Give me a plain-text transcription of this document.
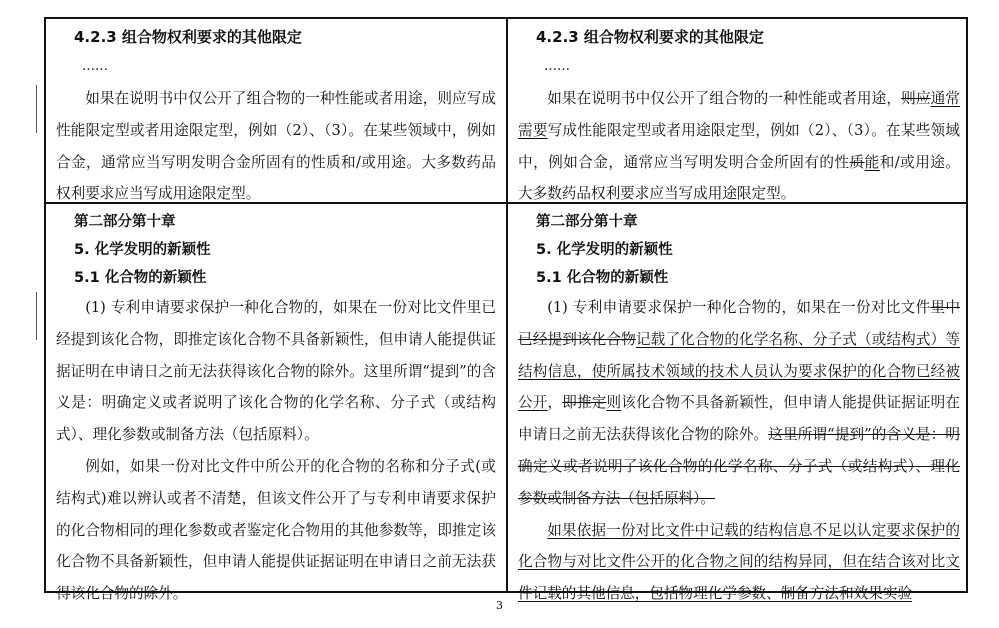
4.2.3 组合物权利要求的其他限定

……

如果在说明书中仅公开了组合物的一种性能或者用途，则应写成性能限定型或者用途限定型，例如（2）、（3）。在某些领域中，例如合金，通常应当写明发明合金所固有的性质和/或用途。大多数药品权利要求应当写成用途限定型。

4.2.3 组合物权利要求的其他限定

……

如果在说明书中仅公开了组合物的一种性能或者用途，则应通常需要写成性能限定型或者用途限定型，例如（2）、（3）。在某些领域中，例如合金，通常应当写明发明合金所固有的性质能和/或用途。大多数药品权利要求应当写成用途限定型。

第二部分第十章

5. 化学发明的新颖性

5.1 化合物的新颖性

(1) 专利申请要求保护一种化合物的，如果在一份对比文件里已经提到该化合物，即推定该化合物不具备新颖性，但申请人能提供证据证明在申请日之前无法获得该化合物的除外。这里所谓“提到”的含义是：明确定义或者说明了该化合物的化学名称、分子式（或结构式）、理化参数或制备方法（包括原料）。

例如，如果一份对比文件中所公开的化合物的名称和分子式(或结构式)难以辨认或者不清楚，但该文件公开了与专利申请要求保护的化合物相同的理化参数或者鉴定化合物用的其他参数等，即推定该化合物不具备新颖性，但申请人能提供证据证明在申请日之前无法获得该化合物的除外。

第二部分第十章

5. 化学发明的新颖性

5.1 化合物的新颖性

(1) 专利申请要求保护一种化合物的，如果在一份对比文件里中已经提到该化合物记载了化合物的化学名称、分子式（或结构式）等结构信息，使所属技术领域的技术人员认为要求保护的化合物已经被公开，即推定则该化合物不具备新颖性，但申请人能提供证据证明在申请日之前无法获得该化合物的除外。这里所谓“提到”的含义是：明确定义或者说明了该化合物的化学名称、分子式（或结构式）、理化参数或制备方法（包括原料）。

如果依据一份对比文件中记载的结构信息不足以认定要求保护的化合物与对比文件公开的化合物之间的结构异同，但在结合该对比文件记载的其他信息，包括物理化学参数、制备方法和效果实验

3
